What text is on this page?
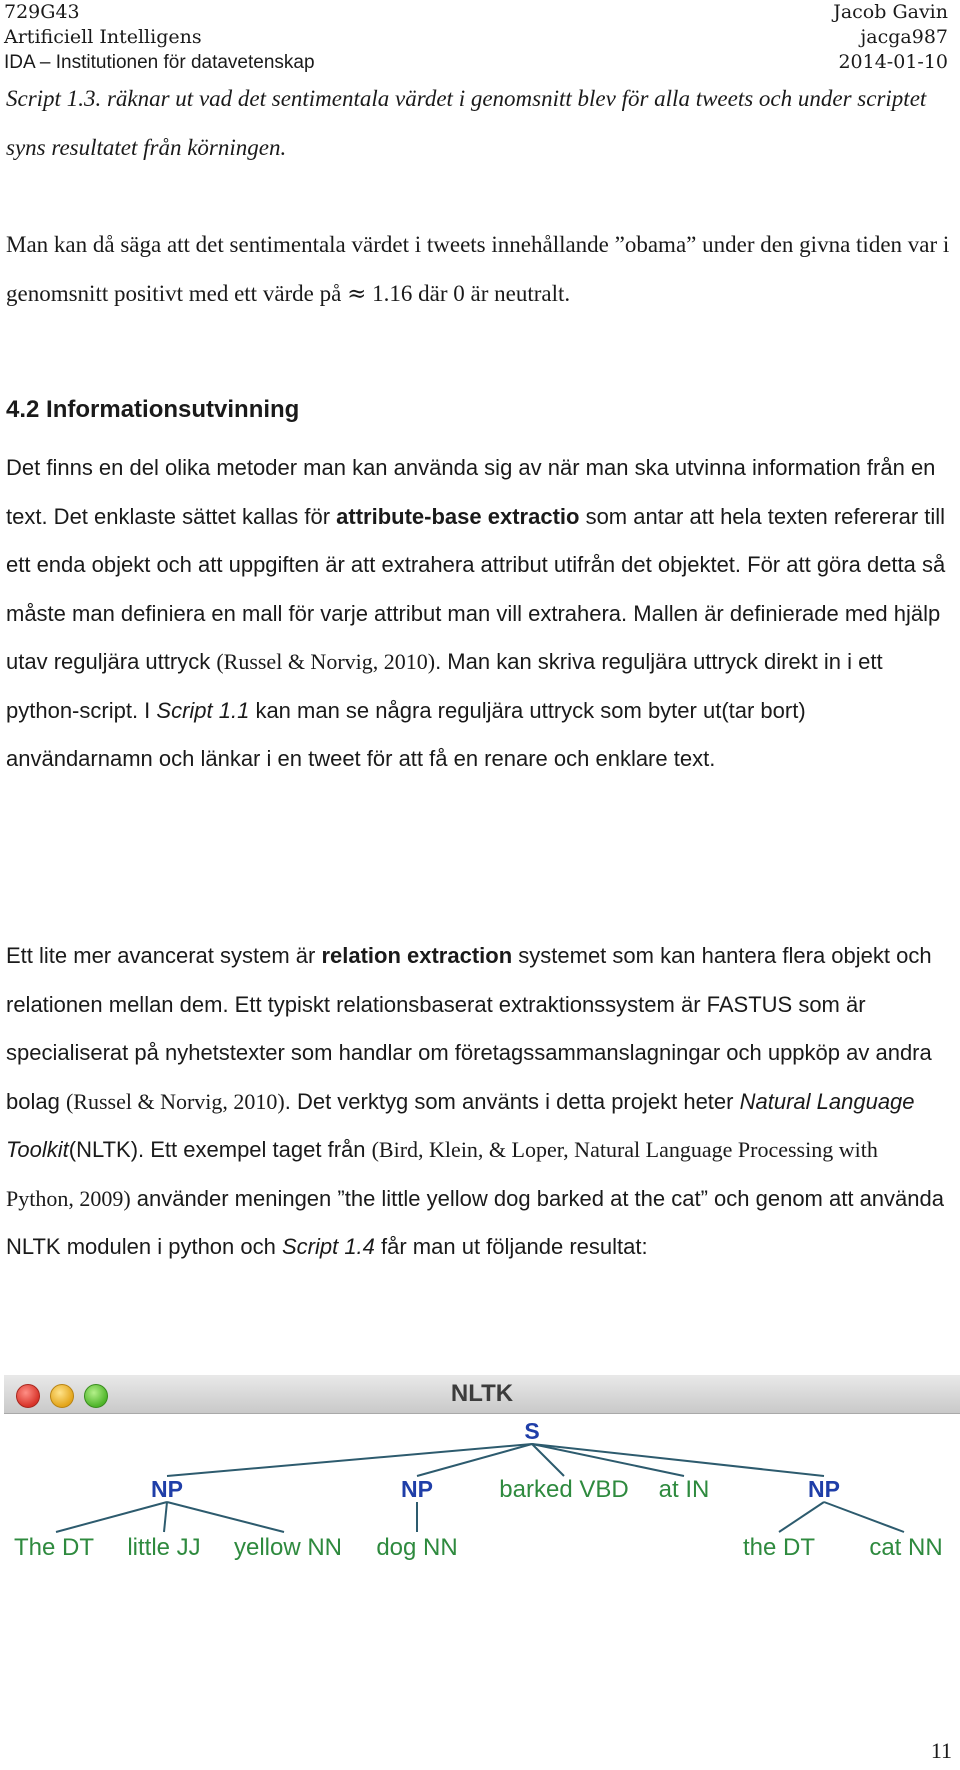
729G43
Artificiell Intelligens
IDA – Institutionen för datavetenskap
Jacob Gavin
jacga987
2014-01-10

Script 1.3. räknar ut vad det sentimentala värdet i genomsnitt blev för alla tweets och under scriptet syns resultatet från körningen.

Man kan då säga att det sentimentala värdet i tweets innehållande ”obama” under den givna tiden var i genomsnitt positivt med ett värde på ≈ 1.16 där 0 är neutralt.

4.2 Informationsutvinning

Det finns en del olika metoder man kan använda sig av när man ska utvinna information från en text. Det enklaste sättet kallas för attribute-base extractio som antar att hela texten refererar till ett enda objekt och att uppgiften är att extrahera attribut utifrån det objektet. För att göra detta så måste man definiera en mall för varje attribut man vill extrahera. Mallen är definierade med hjälp utav reguljära uttryck (Russel & Norvig, 2010). Man kan skriva reguljära uttryck direkt in i ett python-script. I Script 1.1 kan man se några reguljära uttryck som byter ut(tar bort) användarnamn och länkar i en tweet för att få en renare och enklare text.

Ett lite mer avancerat system är relation extraction systemet som kan hantera flera objekt och relationen mellan dem. Ett typiskt relationsbaserat extraktionssystem är FASTUS som är specialiserat på nyhetstexter som handlar om företagssammanslagningar och uppköp av andra bolag (Russel & Norvig, 2010). Det verktyg som använts i detta projekt heter Natural Language Toolkit(NLTK). Ett exempel taget från (Bird, Klein, & Loper, Natural Language Processing with Python, 2009) använder meningen ”the little yellow dog barked at the cat” och genom att använda NLTK modulen i python och Script 1.4 får man ut följande resultat:

NLTK
S
NP	NP	NP
barked VBD at IN
The DT little JJ yellow NN dog NN	the DT cat NN
11
